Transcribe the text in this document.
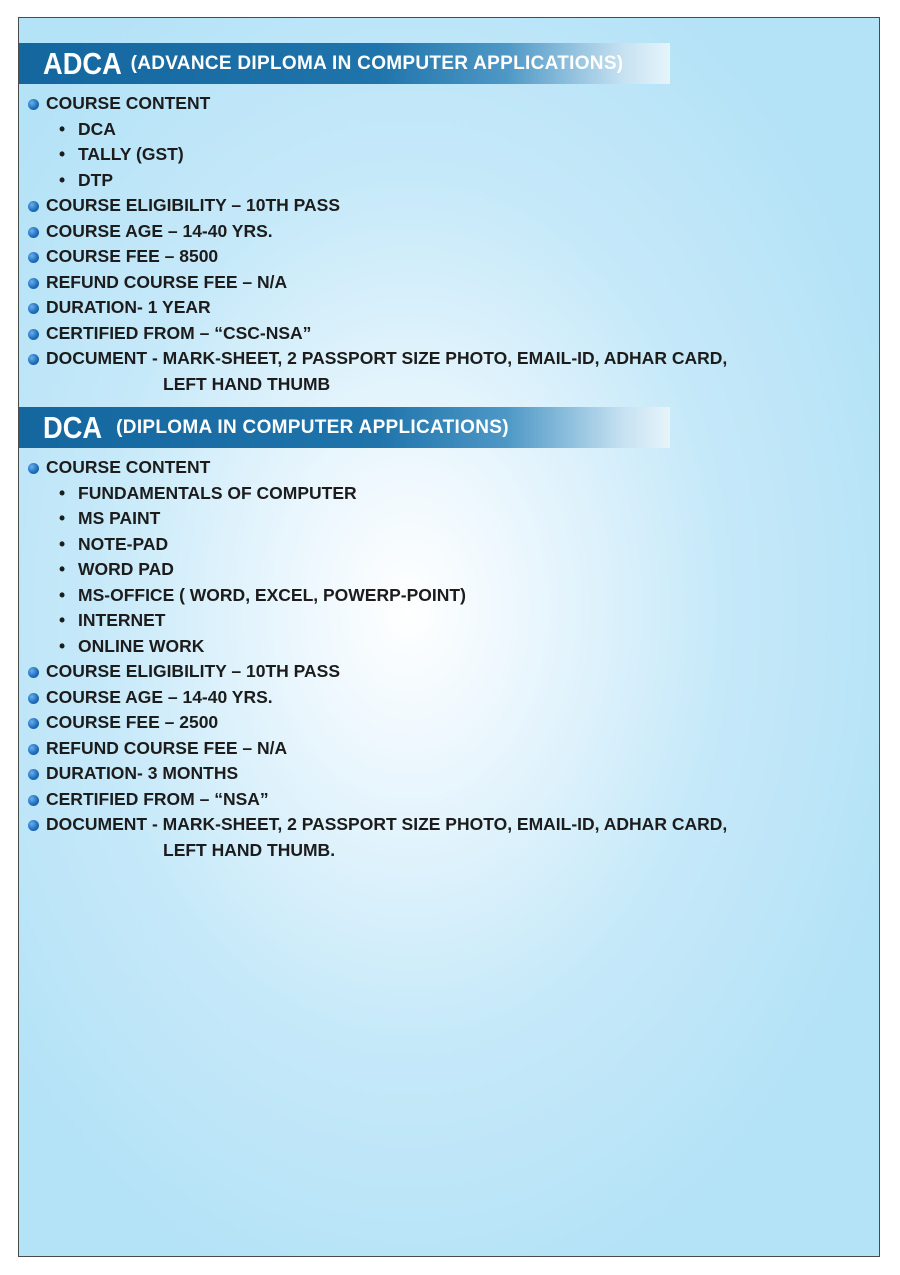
ADCA (ADVANCE DIPLOMA IN COMPUTER APPLICATIONS)
COURSE CONTENT
• DCA
• TALLY (GST)
• DTP
COURSE ELIGIBILITY – 10TH PASS
COURSE AGE – 14-40 YRS.
COURSE FEE – 8500
REFUND COURSE FEE – N/A
DURATION- 1 YEAR
CERTIFIED FROM – “CSC-NSA”
DOCUMENT - MARK-SHEET, 2 PASSPORT SIZE PHOTO, EMAIL-ID, ADHAR CARD,
LEFT HAND THUMB
DCA (DIPLOMA IN COMPUTER APPLICATIONS)
COURSE CONTENT
• FUNDAMENTALS OF COMPUTER
• MS PAINT
• NOTE-PAD
• WORD PAD
• MS-OFFICE ( WORD, EXCEL, POWERP-POINT)
• INTERNET
• ONLINE WORK
COURSE ELIGIBILITY – 10TH PASS
COURSE AGE – 14-40 YRS.
COURSE FEE – 2500
REFUND COURSE FEE – N/A
DURATION- 3 MONTHS
CERTIFIED FROM – “NSA”
DOCUMENT - MARK-SHEET, 2 PASSPORT SIZE PHOTO, EMAIL-ID, ADHAR CARD,
LEFT HAND THUMB.
